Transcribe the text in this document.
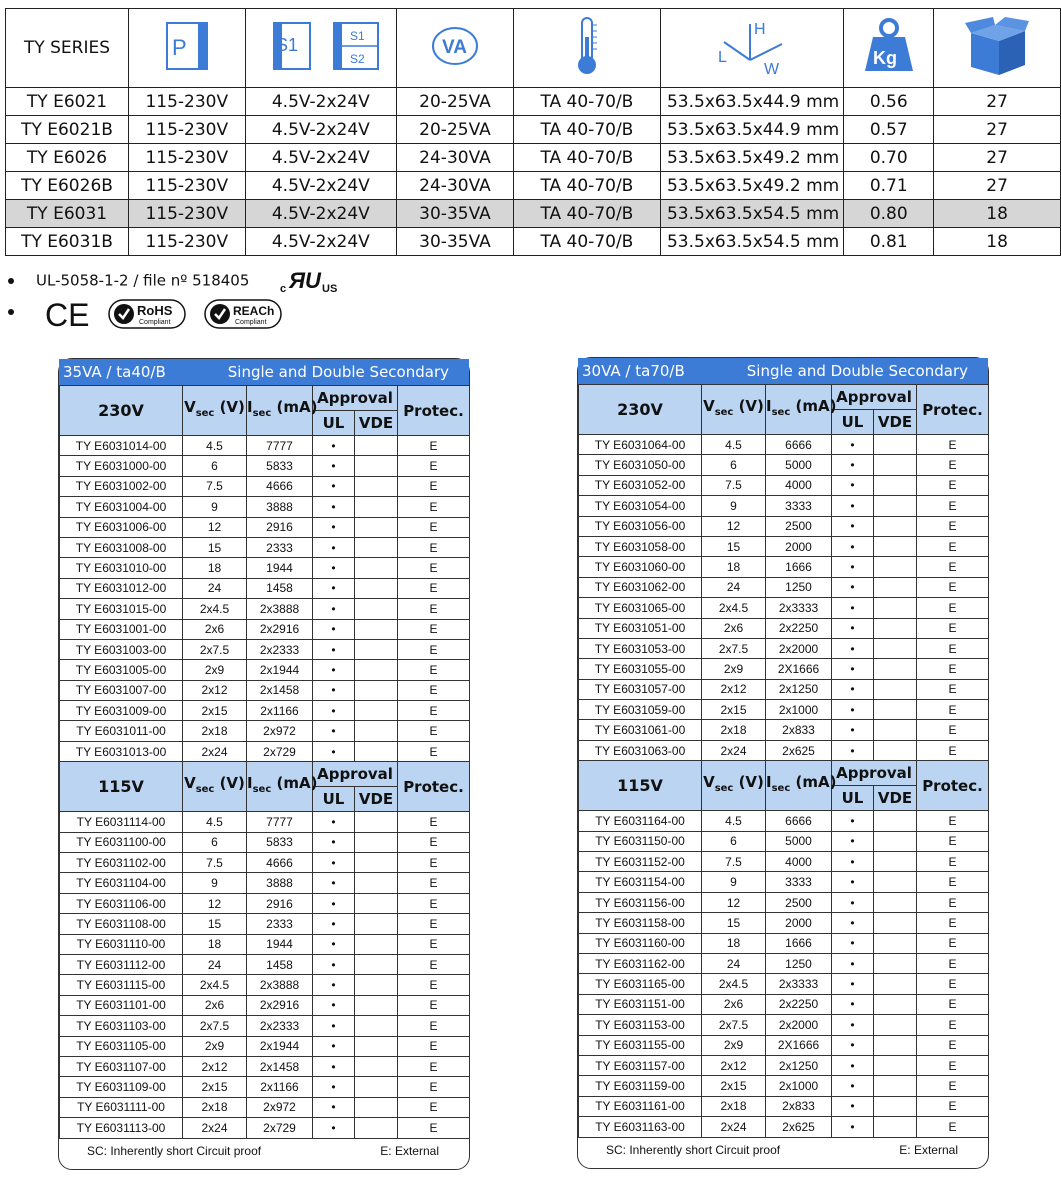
TY SERIES	P	S1 S1
S2	VA		H
L
W	Kg

TY E6021	115-230V	4.5V-2x24V	20-25VA	TA 40-70/B	53.5x63.5x44.9 mm	0.56	27
TY E6021B	115-230V	4.5V-2x24V	20-25VA	TA 40-70/B	53.5x63.5x44.9 mm	0.57	27
TY E6026	115-230V	4.5V-2x24V	24-30VA	TA 40-70/B	53.5x63.5x49.2 mm	0.70	27
TY E6026B	115-230V	4.5V-2x24V	24-30VA	TA 40-70/B	53.5x63.5x49.2 mm	0.71	27
TY E6031	115-230V	4.5V-2x24V	30-35VA	TA 40-70/B	53.5x63.5x54.5 mm	0.80	18
TY E6031B	115-230V	4.5V-2x24V	30-35VA	TA 40-70/B	53.5x63.5x54.5 mm	0.81	18
UL-5058-1-2 / file nº 518405	c ЯU US

CE
	RoHS
Compliant

REACh
Compliant
35VA / ta40/B	Single and Double Secondary
230V	$V_{sec}$ (V)	$I_{sec}$ (mA)	Approval		Protec.
			UL	VDE	
TY E6031014-00	4.5	7777	•		E
TY E6031000-00	6	5833	•		E
TY E6031002-00	7.5	4666	•		E
TY E6031004-00	9	3888	•		E
TY E6031006-00	12	2916	•		E
TY E6031008-00	15	2333	•		E
TY E6031010-00	18	1944	•		E
TY E6031012-00	24	1458	•		E
TY E6031015-00	2x4.5	2x3888	•		E
TY E6031001-00	2x6	2x2916	•		E
TY E6031003-00	2x7.5	2x2333	•		E
TY E6031005-00	2x9	2x1944	•		E
TY E6031007-00	2x12	2x1458	•		E
TY E6031009-00	2x15	2x1166	•		E
TY E6031011-00	2x18	2x972	•		E
TY E6031013-00	2x24	2x729	•		E
115V	$V_{sec}$ (V)	$I_{sec}$ (mA)	Approval		Protec.
			UL	VDE	
TY E6031114-00	4.5	7777	•		E
TY E6031100-00	6	5833	•		E
TY E6031102-00	7.5	4666	•		E
TY E6031104-00	9	3888	•		E
TY E6031106-00	12	2916	•		E
TY E6031108-00	15	2333	•		E
TY E6031110-00	18	1944	•		E
TY E6031112-00	24	1458	•		E
TY E6031115-00	2x4.5	2x3888	•		E
TY E6031101-00	2x6	2x2916	•		E
TY E6031103-00	2x7.5	2x2333	•		E
TY E6031105-00	2x9	2x1944	•		E
TY E6031107-00	2x12	2x1458	•		E
TY E6031109-00	2x15	2x1166	•		E
TY E6031111-00	2x18	2x972	•		E
TY E6031113-00	2x24	2x729	•		E
SC: Inherently short Circuit proof	E: External
30VA / ta70/B	Single and Double Secondary
230V	$V_{sec}$ (V)	$I_{sec}$ (mA)	Approval		Protec.
			UL	VDE	
TY E6031064-00	4.5	6666	•		E
TY E6031050-00	6	5000	•		E
TY E6031052-00	7.5	4000	•		E
TY E6031054-00	9	3333	•		E
TY E6031056-00	12	2500	•		E
TY E6031058-00	15	2000	•		E
TY E6031060-00	18	1666	•		E
TY E6031062-00	24	1250	•		E
TY E6031065-00	2x4.5	2x3333	•		E
TY E6031051-00	2x6	2x2250	•		E
TY E6031053-00	2x7.5	2x2000	•		E
TY E6031055-00	2x9	2X1666	•		E
TY E6031057-00	2x12	2x1250	•		E
TY E6031059-00	2x15	2x1000	•		E
TY E6031061-00	2x18	2x833	•		E
TY E6031063-00	2x24	2x625	•		E
115V	$V_{sec}$ (V)	$I_{sec}$ (mA)	Approval		Protec.
			UL	VDE	
TY E6031164-00	4.5	6666	•		E
TY E6031150-00	6	5000	•		E
TY E6031152-00	7.5	4000	•		E
TY E6031154-00	9	3333	•		E
TY E6031156-00	12	2500	•		E
TY E6031158-00	15	2000	•		E
TY E6031160-00	18	1666	•		E
TY E6031162-00	24	1250	•		E
TY E6031165-00	2x4.5	2x3333	•		E
TY E6031151-00	2x6	2x2250	•		E
TY E6031153-00	2x7.5	2x2000	•		E
TY E6031155-00	2x9	2X1666	•		E
TY E6031157-00	2x12	2x1250	•		E
TY E6031159-00	2x15	2x1000	•		E
TY E6031161-00	2x18	2x833	•		E
TY E6031163-00	2x24	2x625	•		E
SC: Inherently short Circuit proof	E: External
